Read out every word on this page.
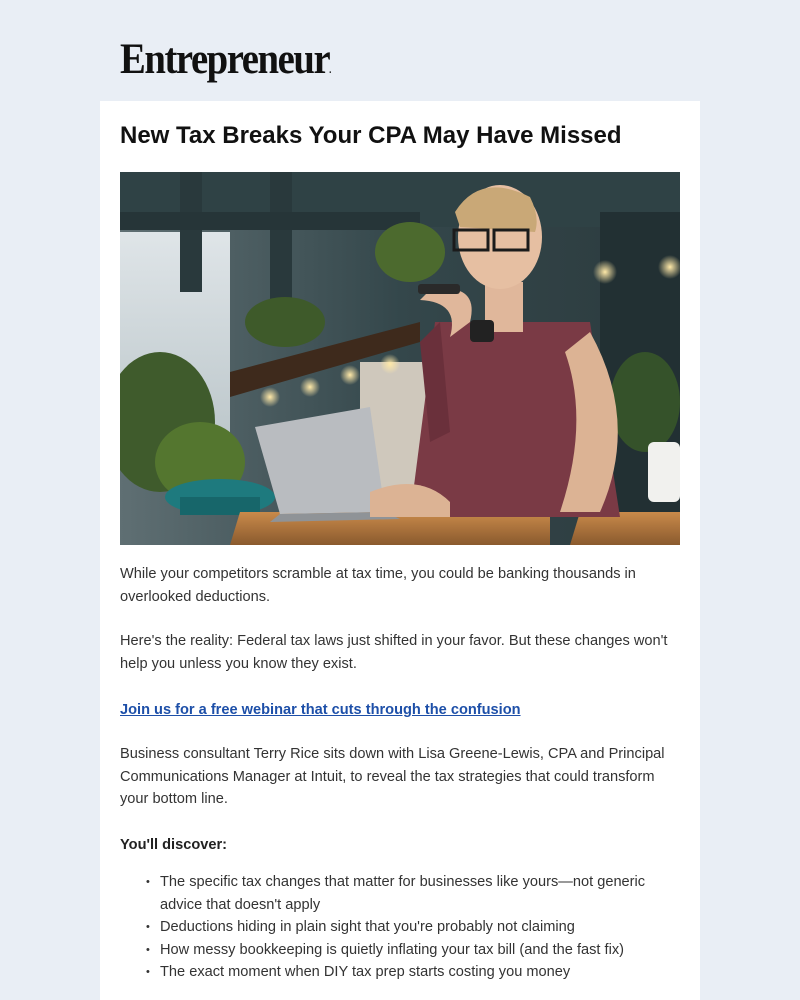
Entrepreneur.
New Tax Breaks Your CPA May Have Missed

While your competitors scramble at tax time, you could be banking thousands in overlooked deductions.

Here's the reality: Federal tax laws just shifted in your favor. But these changes won't help you unless you know they exist.

Join us for a free webinar that cuts through the confusion

Business consultant Terry Rice sits down with Lisa Greene-Lewis, CPA and Principal Communications Manager at Intuit, to reveal the tax strategies that could transform your bottom line.

You'll discover:
• The specific tax changes that matter for businesses like yours—not generic advice that doesn't apply
• Deductions hiding in plain sight that you're probably not claiming
• How messy bookkeeping is quietly inflating your tax bill (and the fast fix)
• The exact moment when DIY tax prep starts costing you money
